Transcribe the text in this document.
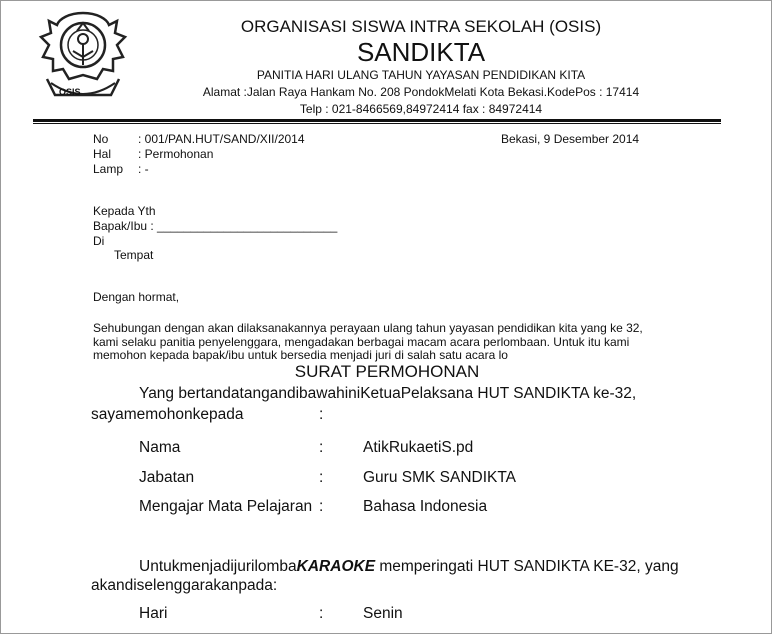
OSIS
ORGANISASI SISWA INTRA SEKOLAH (OSIS)
SANDIKTA
PANITIA HARI ULANG TAHUN YAYASAN PENDIDIKAN KITA
Alamat :Jalan Raya Hankam No. 208 PondokMelati Kota Bekasi.KodePos : 17414
Telp : 021-8466569,84972414 fax : 84972414
No : 001/PAN.HUT/SAND/XII/2014
Hal : Permohonan
Lamp : -
Bekasi, 9 Desember 2014
Kepada Yth
Bapak/Ibu : ___________________________
Di
Tempat
Dengan hormat,
Sehubungan dengan akan dilaksanakannya perayaan ulang tahun yayasan pendidikan kita yang ke 32,
kami selaku panitia penyelenggara, mengadakan berbagai macam acara perlombaan. Untuk itu kami
memohon kepada bapak/ibu untuk bersedia menjadi juri di salah satu acara lo
SURAT PERMOHONAN
Yang bertandatangandibawahiniKetuaPelaksana HUT SANDIKTA ke-32,
sayamemohonkepada	:
Nama	:	AtikRukaetiS.pd
Jabatan	:	Guru SMK SANDIKTA
Mengajar Mata Pelajaran :	Bahasa Indonesia
UntukmenjadijurilombaKARAOKE memperingati HUT SANDIKTA KE-32, yang
akandiselenggarakanpada:
Hari	:	Senin
